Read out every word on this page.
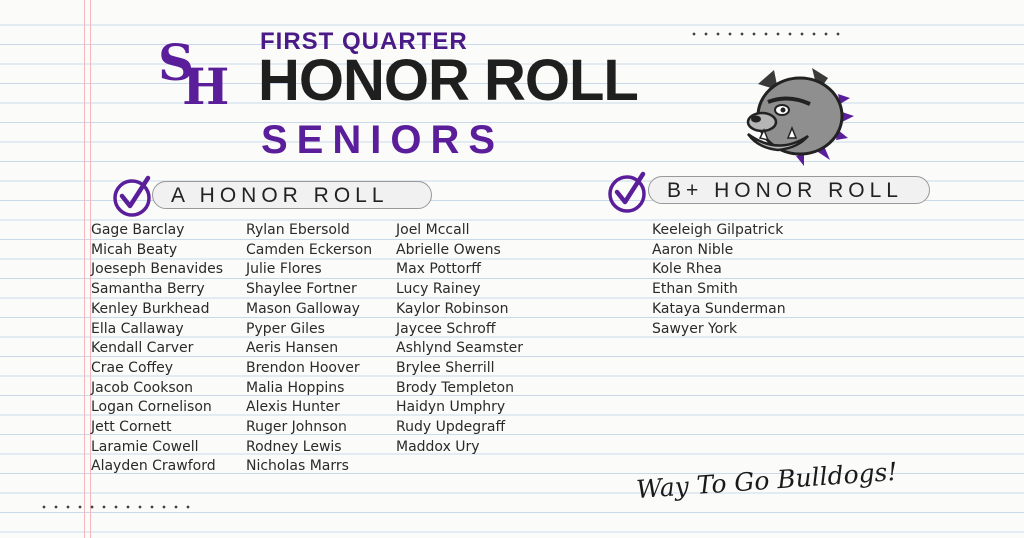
SH
FIRST QUARTER
HONOR ROLL
SENIORS
A HONOR ROLL	B+ HONOR ROLL
Gage Barclay
Micah Beaty
Joeseph Benavides
Samantha Berry
Kenley Burkhead
Ella Callaway
Kendall Carver
Crae Coffey
Jacob Cookson
Logan Cornelison
Jett Cornett
Laramie Cowell
Alayden Crawford
Rylan Ebersold
Camden Eckerson
Julie Flores
Shaylee Fortner
Mason Galloway
Pyper Giles
Aeris Hansen
Brendon Hoover
Malia Hoppins
Alexis Hunter
Ruger Johnson
Rodney Lewis
Nicholas Marrs
Joel Mccall
Abrielle Owens
Max Pottorff
Lucy Rainey
Kaylor Robinson
Jaycee Schroff
Ashlynd Seamster
Brylee Sherrill
Brody Templeton
Haidyn Umphry
Rudy Updegraff
Maddox Ury
Keeleigh Gilpatrick
Aaron Nible
Kole Rhea
Ethan Smith
Kataya Sunderman
Sawyer York
Way To Go Bulldogs!
